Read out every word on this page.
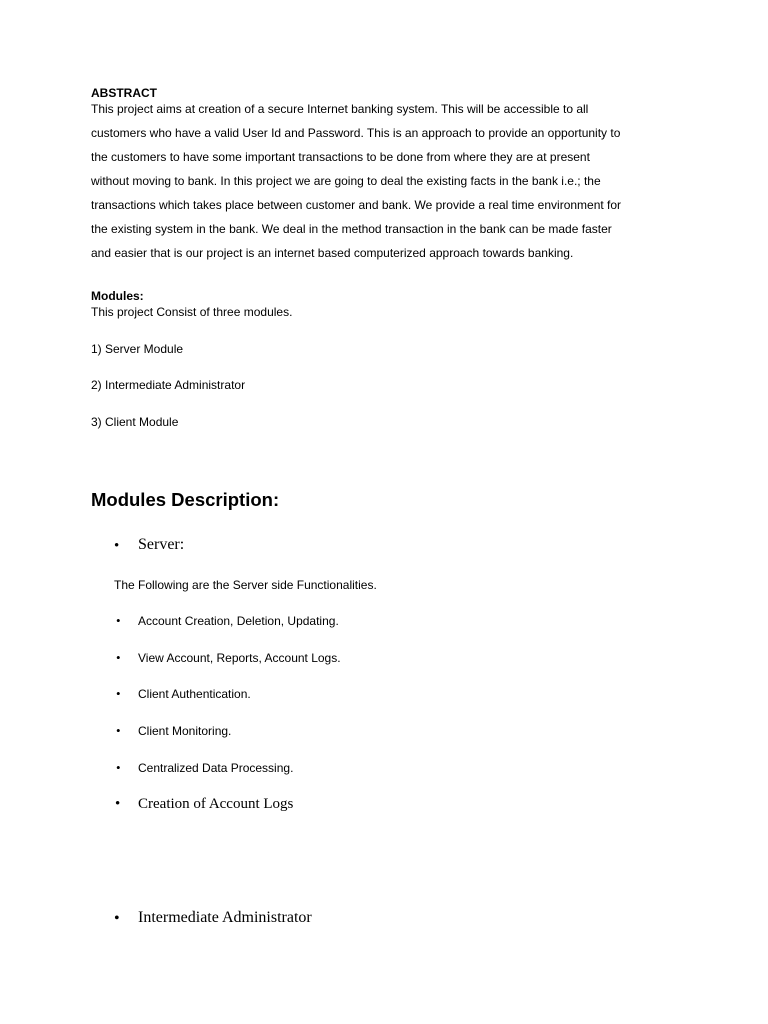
ABSTRACT
This project aims at creation of a secure Internet banking system. This will be accessible to all
customers who have a valid User Id and Password. This is an approach to provide an opportunity to
the customers to have some important transactions to be done from where they are at present
without moving to bank. In this project we are going to deal the existing facts in the bank i.e.; the
transactions which takes place between customer and bank. We provide a real time environment for
the existing system in the bank. We deal in the method transaction in the bank can be made faster
and easier that is our project is an internet based computerized approach towards banking.
Modules:
This project Consist of three modules.
1) Server Module
2) Intermediate Administrator
3) Client Module
Modules Description:
• Server:
The Following are the Server side Functionalities.
• Account Creation, Deletion, Updating.
• View Account, Reports, Account Logs.
• Client Authentication.
• Client Monitoring.
• Centralized Data Processing.
• Creation of Account Logs
• Intermediate Administrator
